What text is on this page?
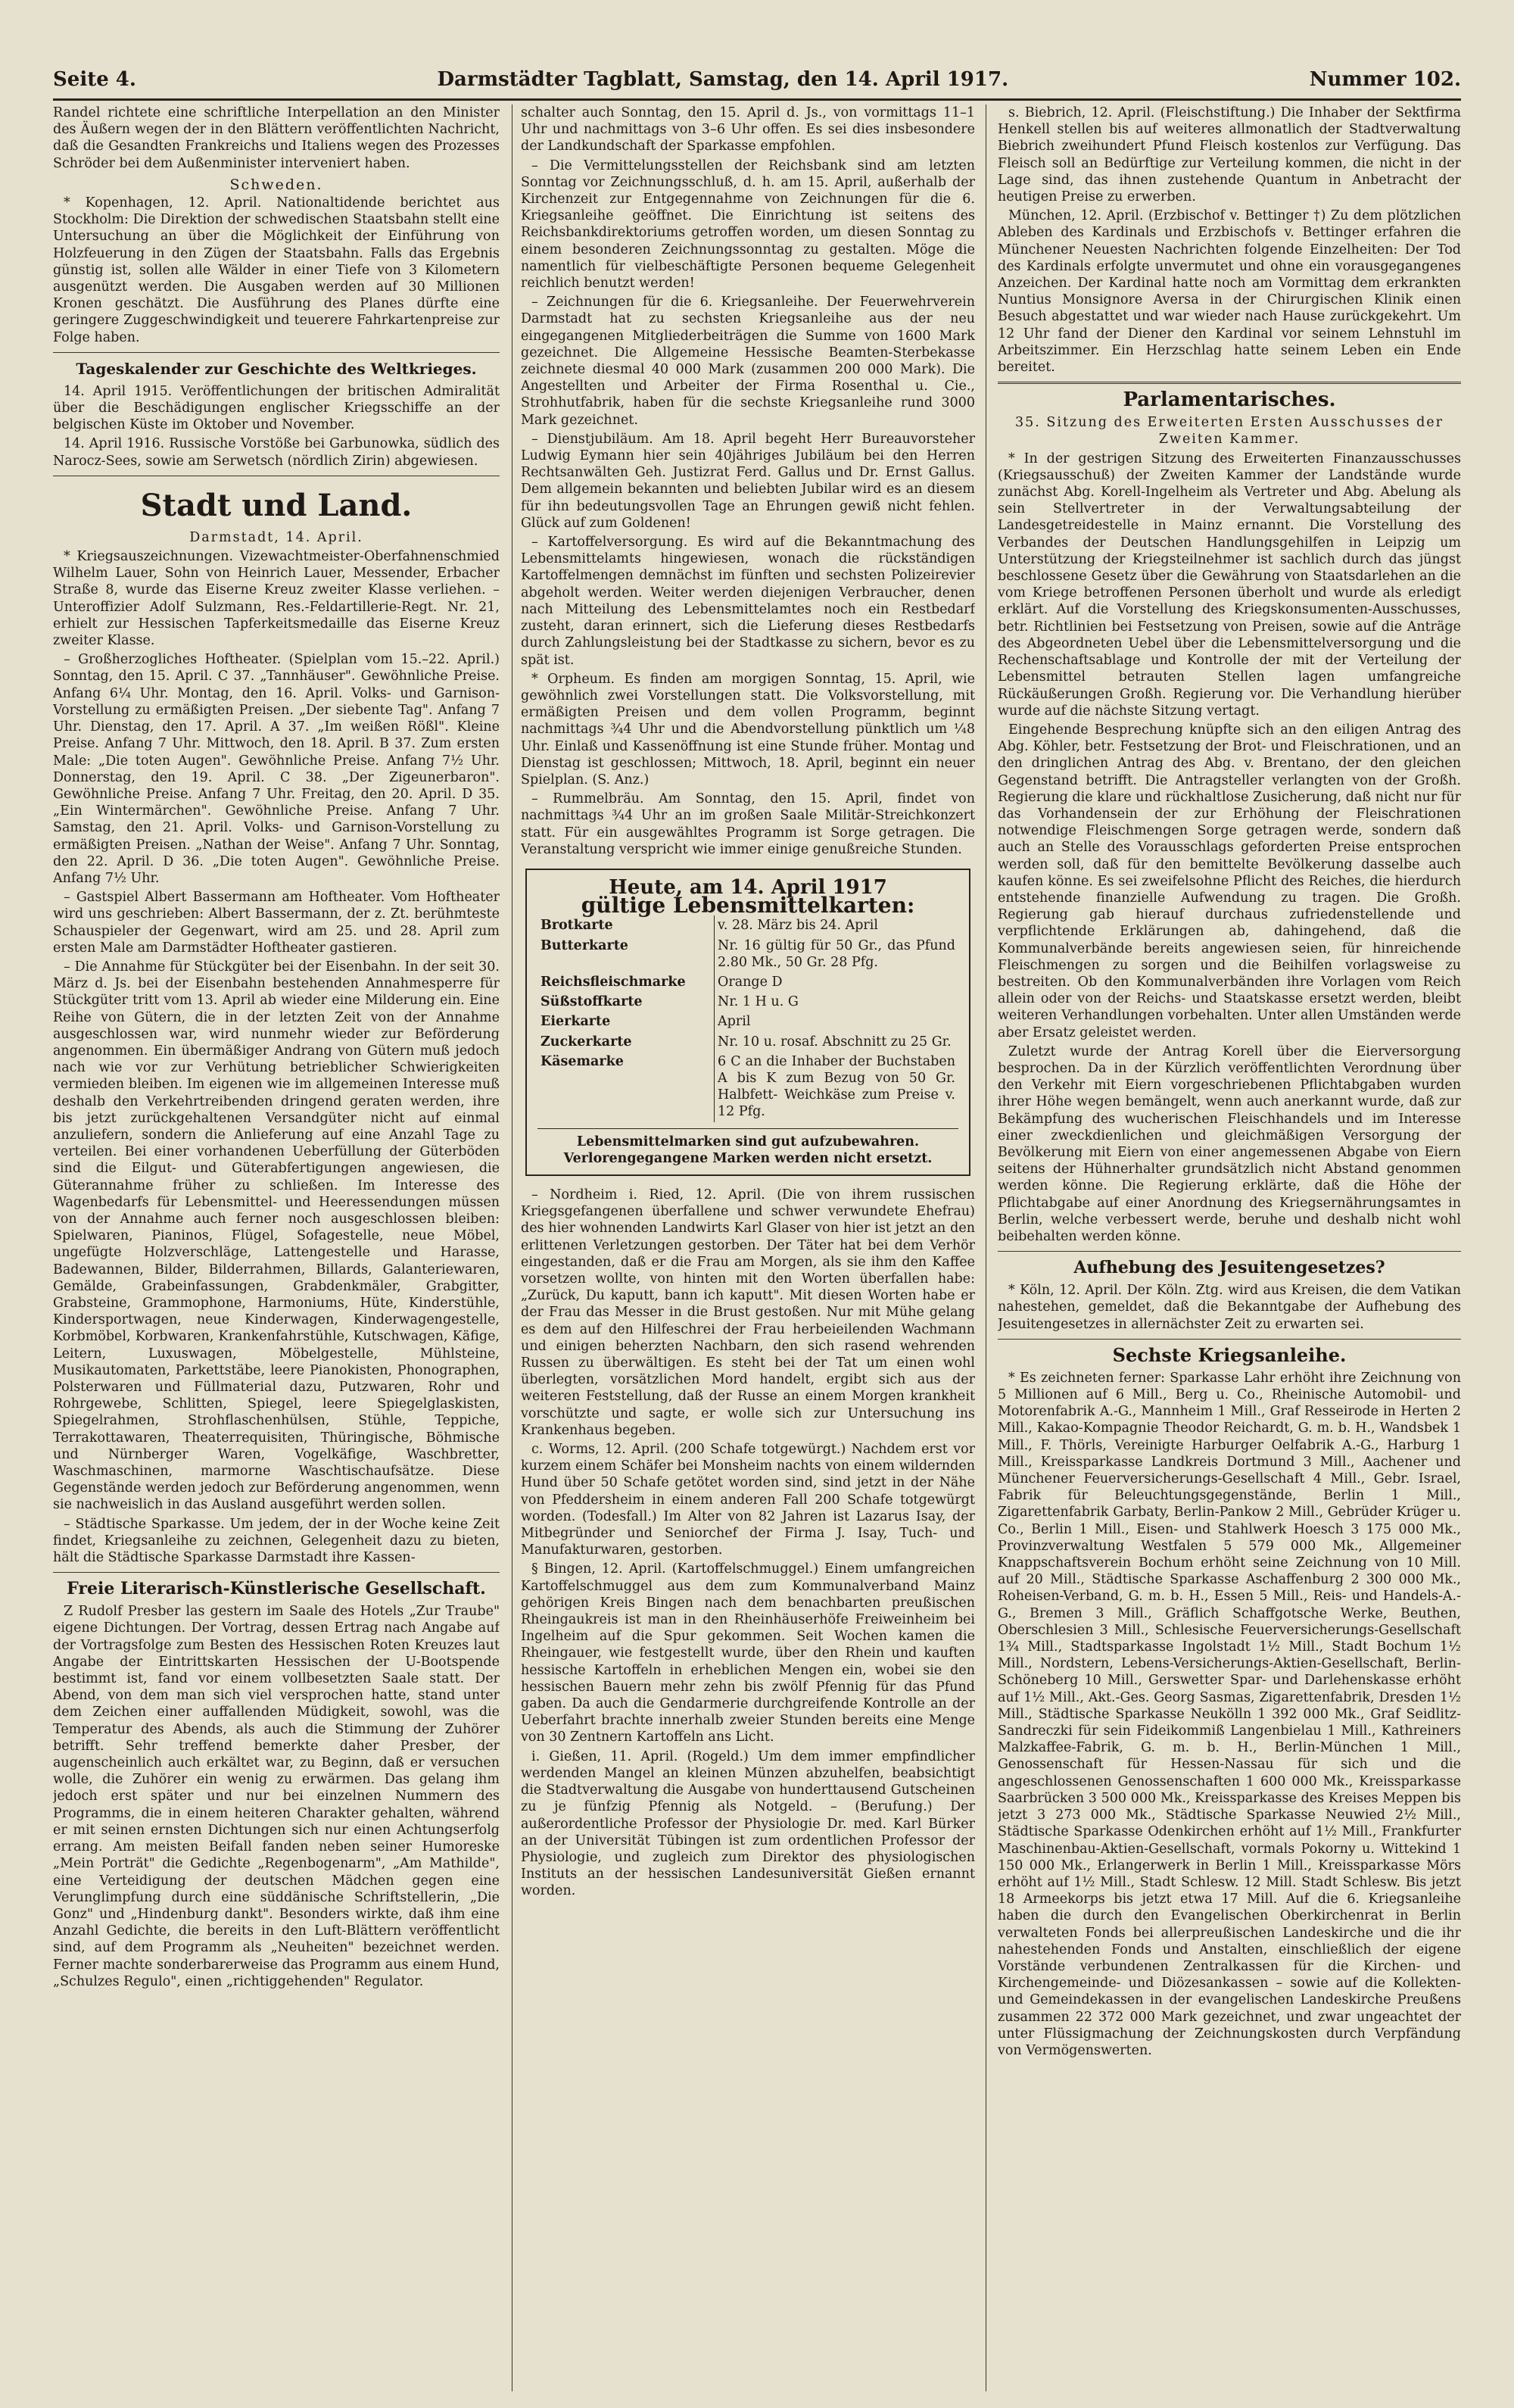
Seite 4.	Darmstädter Tagblatt, Samstag, den 14. April 1917.	Nummer 102.

Randel richtete eine schriftliche Interpellation an den Minister des Äußern wegen der in den Blättern veröffentlichten Nachricht, daß die Gesandten Frankreichs und Italiens wegen des Prozesses Schröder bei dem Außenminister interveniert haben.

Schweden.

* Kopenhagen, 12. April. Nationaltidende berichtet aus Stockholm: Die Direktion der schwedischen Staatsbahn stellt eine Untersuchung an über die Möglichkeit der Einführung von Holzfeuerung in den Zügen der Staatsbahn. Falls das Ergebnis günstig ist, sollen alle Wälder in einer Tiefe von 3 Kilometern ausgenützt werden. Die Ausgaben werden auf 30 Millionen Kronen geschätzt. Die Ausführung des Planes dürfte eine geringere Zuggeschwindigkeit und teuerere Fahrkartenpreise zur Folge haben.

Tageskalender zur Geschichte des Weltkrieges.

14. April 1915. Veröffentlichungen der britischen Admiralität über die Beschädigungen englischer Kriegsschiffe an der belgischen Küste im Oktober und November.

14. April 1916. Russische Vorstöße bei Garbunowka, südlich des Narocz-Sees, sowie am Serwetsch (nördlich Zirin) abgewiesen.

Stadt und Land.

Darmstadt, 14. April.

* Kriegsauszeichnungen. Vizewachtmeister-Oberfahnenschmied Wilhelm Lauer, Sohn von Heinrich Lauer, Messender, Erbacher Straße 8, wurde das Eiserne Kreuz zweiter Klasse verliehen. – Unteroffizier Adolf Sulzmann, Res.-Feldartillerie-Regt. Nr. 21, erhielt zur Hessischen Tapferkeitsmedaille das Eiserne Kreuz zweiter Klasse.

– Großherzogliches Hoftheater. (Spielplan vom 15.–22. April.) Sonntag, den 15. April. C 37. „Tannhäuser". Gewöhnliche Preise. Anfang 6¼ Uhr. Montag, den 16. April. Volks- und Garnison-Vorstellung zu ermäßigten Preisen. „Der siebente Tag". Anfang 7 Uhr. Dienstag, den 17. April. A 37. „Im weißen Rößl". Kleine Preise. Anfang 7 Uhr. Mittwoch, den 18. April. B 37. Zum ersten Male: „Die toten Augen". Gewöhnliche Preise. Anfang 7½ Uhr. Donnerstag, den 19. April. C 38. „Der Zigeunerbaron". Gewöhnliche Preise. Anfang 7 Uhr. Freitag, den 20. April. D 35. „Ein Wintermärchen". Gewöhnliche Preise. Anfang 7 Uhr. Samstag, den 21. April. Volks- und Garnison-Vorstellung zu ermäßigten Preisen. „Nathan der Weise". Anfang 7 Uhr. Sonntag, den 22. April. D 36. „Die toten Augen". Gewöhnliche Preise. Anfang 7½ Uhr.

– Gastspiel Albert Bassermann am Hoftheater. Vom Hoftheater wird uns geschrieben: Albert Bassermann, der z. Zt. berühmteste Schauspieler der Gegenwart, wird am 25. und 28. April zum ersten Male am Darmstädter Hoftheater gastieren.

– Die Annahme für Stückgüter bei der Eisenbahn. In der seit 30. März d. Js. bei der Eisenbahn bestehenden Annahmesperre für Stückgüter tritt vom 13. April ab wieder eine Milderung ein. Eine Reihe von Gütern, die in der letzten Zeit von der Annahme ausgeschlossen war, wird nunmehr wieder zur Beförderung angenommen. Ein übermäßiger Andrang von Gütern muß jedoch nach wie vor zur Verhütung betrieblicher Schwierigkeiten vermieden bleiben. Im eigenen wie im allgemeinen Interesse muß deshalb den Verkehrtreibenden dringend geraten werden, ihre bis jetzt zurückgehaltenen Versandgüter nicht auf einmal anzuliefern, sondern die Anlieferung auf eine Anzahl Tage zu verteilen. Bei einer vorhandenen Ueberfüllung der Güterböden sind die Eilgut- und Güterabfertigungen angewiesen, die Güterannahme früher zu schließen. Im Interesse des Wagenbedarfs für Lebensmittel- und Heeressendungen müssen von der Annahme auch ferner noch ausgeschlossen bleiben: Spielwaren, Pianinos, Flügel, Sofagestelle, neue Möbel, ungefügte Holzverschläge, Lattengestelle und Harasse, Badewannen, Bilder, Bilderrahmen, Billards, Galanteriewaren, Gemälde, Grabeinfassungen, Grabdenkmäler, Grabgitter, Grabsteine, Grammophone, Harmoniums, Hüte, Kinderstühle, Kindersportwagen, neue Kinderwagen, Kinderwagengestelle, Korbmöbel, Korbwaren, Krankenfahrstühle, Kutschwagen, Käfige, Leitern, Luxuswagen, Möbelgestelle, Mühlsteine, Musikautomaten, Parkettstäbe, leere Pianokisten, Phonographen, Polsterwaren und Füllmaterial dazu, Putzwaren, Rohr und Rohrgewebe, Schlitten, Spiegel, leere Spiegelglaskisten, Spiegelrahmen, Strohflaschenhülsen, Stühle, Teppiche, Terrakottawaren, Theaterrequisiten, Thüringische, Böhmische und Nürnberger Waren, Vogelkäfige, Waschbretter, Waschmaschinen, marmorne Waschtischaufsätze. Diese Gegenstände werden jedoch zur Beförderung angenommen, wenn sie nachweislich in das Ausland ausgeführt werden sollen.

– Städtische Sparkasse. Um jedem, der in der Woche keine Zeit findet, Kriegsanleihe zu zeichnen, Gelegenheit dazu zu bieten, hält die Städtische Sparkasse Darmstadt ihre Kassen-

Freie Literarisch-Künstlerische Gesellschaft.

Z Rudolf Presber las gestern im Saale des Hotels „Zur Traube" eigene Dichtungen. Der Vortrag, dessen Ertrag nach Angabe auf der Vortragsfolge zum Besten des Hessischen Roten Kreuzes laut Angabe der Eintrittskarten Hessischen der U-Bootspende bestimmt ist, fand vor einem vollbesetzten Saale statt. Der Abend, von dem man sich viel versprochen hatte, stand unter dem Zeichen einer auffallenden Müdigkeit, sowohl, was die Temperatur des Abends, als auch die Stimmung der Zuhörer betrifft. Sehr treffend bemerkte daher Presber, der augenscheinlich auch erkältet war, zu Beginn, daß er versuchen wolle, die Zuhörer ein wenig zu erwärmen. Das gelang ihm jedoch erst später und nur bei einzelnen Nummern des Programms, die in einem heiteren Charakter gehalten, während er mit seinen ernsten Dichtungen sich nur einen Achtungserfolg errang. Am meisten Beifall fanden neben seiner Humoreske „Mein Porträt" die Gedichte „Regenbogenarm", „Am Mathilde", eine Verteidigung der deutschen Mädchen gegen eine Verunglimpfung durch eine süddänische Schriftstellerin, „Die Gonz" und „Hindenburg dankt". Besonders wirkte, daß ihm eine Anzahl Gedichte, die bereits in den Luft-Blättern veröffentlicht sind, auf dem Programm als „Neuheiten" bezeichnet werden. Ferner machte sonderbarerweise das Programm aus einem Hund, „Schulzes Regulo", einen „richtiggehenden" Regulator.

schalter auch Sonntag, den 15. April d. Js., von vormittags 11–1 Uhr und nachmittags von 3–6 Uhr offen. Es sei dies insbesondere der Landkundschaft der Sparkasse empfohlen.

– Die Vermittelungsstellen der Reichsbank sind am letzten Sonntag vor Zeichnungsschluß, d. h. am 15. April, außerhalb der Kirchenzeit zur Entgegennahme von Zeichnungen für die 6. Kriegsanleihe geöffnet. Die Einrichtung ist seitens des Reichsbankdirektoriums getroffen worden, um diesen Sonntag zu einem besonderen Zeichnungssonntag zu gestalten. Möge die namentlich für vielbeschäftigte Personen bequeme Gelegenheit reichlich benutzt werden!

– Zeichnungen für die 6. Kriegsanleihe. Der Feuerwehrverein Darmstadt hat zu sechsten Kriegsanleihe aus der neu eingegangenen Mitgliederbeiträgen die Summe von 1600 Mark gezeichnet. Die Allgemeine Hessische Beamten-Sterbekasse zeichnete diesmal 40 000 Mark (zusammen 200 000 Mark). Die Angestellten und Arbeiter der Firma Rosenthal u. Cie., Strohhutfabrik, haben für die sechste Kriegsanleihe rund 3000 Mark gezeichnet.

– Dienstjubiläum. Am 18. April begeht Herr Bureauvorsteher Ludwig Eymann hier sein 40jähriges Jubiläum bei den Herren Rechtsanwälten Geh. Justizrat Ferd. Gallus und Dr. Ernst Gallus. Dem allgemein bekannten und beliebten Jubilar wird es an diesem für ihn bedeutungsvollen Tage an Ehrungen gewiß nicht fehlen. Glück auf zum Goldenen!

– Kartoffelversorgung. Es wird auf die Bekanntmachung des Lebensmittelamts hingewiesen, wonach die rückständigen Kartoffelmengen demnächst im fünften und sechsten Polizeirevier abgeholt werden. Weiter werden diejenigen Verbraucher, denen nach Mitteilung des Lebensmittelamtes noch ein Restbedarf zusteht, daran erinnert, sich die Lieferung dieses Restbedarfs durch Zahlungsleistung bei der Stadtkasse zu sichern, bevor es zu spät ist.

* Orpheum. Es finden am morgigen Sonntag, 15. April, wie gewöhnlich zwei Vorstellungen statt. Die Volksvorstellung, mit ermäßigten Preisen und dem vollen Programm, beginnt nachmittags ¾4 Uhr und die Abendvorstellung pünktlich um ¼8 Uhr. Einlaß und Kassenöffnung ist eine Stunde früher. Montag und Dienstag ist geschlossen; Mittwoch, 18. April, beginnt ein neuer Spielplan. (S. Anz.)

– Rummelbräu. Am Sonntag, den 15. April, findet von nachmittags ¾4 Uhr an im großen Saale Militär-Streichkonzert statt. Für ein ausgewähltes Programm ist Sorge getragen. Die Veranstaltung verspricht wie immer einige genußreiche Stunden.

Heute, am 14. April 1917
gültige Lebensmittelkarten:
Brotkarte	v. 28. März bis 24. April
Butterkarte	Nr. 16 gültig für 50 Gr., das Pfund 2.80 Mk., 50 Gr. 28 Pfg.
Reichsfleischmarke	Orange D
Süßstoffkarte	Nr. 1 H u. G
Eierkarte	April
Zuckerkarte	Nr. 10 u. rosaf. Abschnitt zu 25 Gr.
Käsemarke	6 C an die Inhaber der Buchstaben A bis K zum Bezug von 50 Gr. Halbfett- Weichkäse zum Preise v. 12 Pfg.
Lebensmittelmarken sind gut aufzubewahren.
Verlorengegangene Marken werden nicht ersetzt.

– Nordheim i. Ried, 12. April. (Die von ihrem russischen Kriegsgefangenen überfallene und schwer verwundete Ehefrau) des hier wohnenden Landwirts Karl Glaser von hier ist jetzt an den erlittenen Verletzungen gestorben. Der Täter hat bei dem Verhör eingestanden, daß er die Frau am Morgen, als sie ihm den Kaffee vorsetzen wollte, von hinten mit den Worten überfallen habe: „Zurück, Du kaputt, bann ich kaputt". Mit diesen Worten habe er der Frau das Messer in die Brust gestoßen. Nur mit Mühe gelang es dem auf den Hilfeschrei der Frau herbeieilenden Wachmann und einigen beherzten Nachbarn, den sich rasend wehrenden Russen zu überwältigen. Es steht bei der Tat um einen wohl überlegten, vorsätzlichen Mord handelt, ergibt sich aus der weiteren Feststellung, daß der Russe an einem Morgen krankheit vorschützte und sagte, er wolle sich zur Untersuchung ins Krankenhaus begeben.

c. Worms, 12. April. (200 Schafe totgewürgt.) Nachdem erst vor kurzem einem Schäfer bei Monsheim nachts von einem wildernden Hund über 50 Schafe getötet worden sind, sind jetzt in der Nähe von Pfeddersheim in einem anderen Fall 200 Schafe totgewürgt worden. (Todesfall.) Im Alter von 82 Jahren ist Lazarus Isay, der Mitbegründer und Seniorchef der Firma J. Isay, Tuch- und Manufakturwaren, gestorben.

§ Bingen, 12. April. (Kartoffelschmuggel.) Einem umfangreichen Kartoffelschmuggel aus dem zum Kommunalverband Mainz gehörigen Kreis Bingen nach dem benachbarten preußischen Rheingaukreis ist man in den Rheinhäuserhöfe Freiweinheim bei Ingelheim auf die Spur gekommen. Seit Wochen kamen die Rheingauer, wie festgestellt wurde, über den Rhein und kauften hessische Kartoffeln in erheblichen Mengen ein, wobei sie den hessischen Bauern mehr zehn bis zwölf Pfennig für das Pfund gaben. Da auch die Gendarmerie durchgreifende Kontrolle an der Ueberfahrt brachte innerhalb zweier Stunden bereits eine Menge von 30 Zentnern Kartoffeln ans Licht.

i. Gießen, 11. April. (Rogeld.) Um dem immer empfindlicher werdenden Mangel an kleinen Münzen abzuhelfen, beabsichtigt die Stadtverwaltung die Ausgabe von hunderttausend Gutscheinen zu je fünfzig Pfennig als Notgeld. – (Berufung.) Der außerordentliche Professor der Physiologie Dr. med. Karl Bürker an der Universität Tübingen ist zum ordentlichen Professor der Physiologie, und zugleich zum Direktor des physiologischen Instituts an der hessischen Landesuniversität Gießen ernannt worden.

s. Biebrich, 12. April. (Fleischstiftung.) Die Inhaber der Sektfirma Henkell stellen bis auf weiteres allmonatlich der Stadtverwaltung Biebrich zweihundert Pfund Fleisch kostenlos zur Verfügung. Das Fleisch soll an Bedürftige zur Verteilung kommen, die nicht in der Lage sind, das ihnen zustehende Quantum in Anbetracht der heutigen Preise zu erwerben.

München, 12. April. (Erzbischof v. Bettinger †) Zu dem plötzlichen Ableben des Kardinals und Erzbischofs v. Bettinger erfahren die Münchener Neuesten Nachrichten folgende Einzelheiten: Der Tod des Kardinals erfolgte unvermutet und ohne ein vorausgegangenes Anzeichen. Der Kardinal hatte noch am Vormittag dem erkrankten Nuntius Monsignore Aversa in der Chirurgischen Klinik einen Besuch abgestattet und war wieder nach Hause zurückgekehrt. Um 12 Uhr fand der Diener den Kardinal vor seinem Lehnstuhl im Arbeitszimmer. Ein Herzschlag hatte seinem Leben ein Ende bereitet.

Parlamentarisches.

35. Sitzung des Erweiterten Ersten Ausschusses der Zweiten Kammer.

* In der gestrigen Sitzung des Erweiterten Finanzausschusses (Kriegsausschuß) der Zweiten Kammer der Landstände wurde zunächst Abg. Korell-Ingelheim als Vertreter und Abg. Abelung als sein Stellvertreter in der Verwaltungsabteilung der Landesgetreidestelle in Mainz ernannt. Die Vorstellung des Verbandes der Deutschen Handlungsgehilfen in Leipzig um Unterstützung der Kriegsteilnehmer ist sachlich durch das jüngst beschlossene Gesetz über die Gewährung von Staatsdarlehen an die vom Kriege betroffenen Personen überholt und wurde als erledigt erklärt. Auf die Vorstellung des Kriegskonsumenten-Ausschusses, betr. Richtlinien bei Festsetzung von Preisen, sowie auf die Anträge des Abgeordneten Uebel über die Lebensmittelversorgung und die Rechenschaftsablage und Kontrolle der mit der Verteilung der Lebensmittel betrauten Stellen lagen umfangreiche Rückäußerungen Großh. Regierung vor. Die Verhandlung hierüber wurde auf die nächste Sitzung vertagt.

Eingehende Besprechung knüpfte sich an den eiligen Antrag des Abg. Köhler, betr. Festsetzung der Brot- und Fleischrationen, und an den dringlichen Antrag des Abg. v. Brentano, der den gleichen Gegenstand betrifft. Die Antragsteller verlangten von der Großh. Regierung die klare und rückhaltlose Zusicherung, daß nicht nur für das Vorhandensein der zur Erhöhung der Fleischrationen notwendige Fleischmengen Sorge getragen werde, sondern daß auch an Stelle des Vorausschlags geforderten Preise entsprochen werden soll, daß für den bemittelte Bevölkerung dasselbe auch kaufen könne. Es sei zweifelsohne Pflicht des Reiches, die hierdurch entstehende finanzielle Aufwendung zu tragen. Die Großh. Regierung gab hierauf durchaus zufriedenstellende und verpflichtende Erklärungen ab, dahingehend, daß die Kommunalverbände bereits angewiesen seien, für hinreichende Fleischmengen zu sorgen und die Beihilfen vorlagsweise zu bestreiten. Ob den Kommunalverbänden ihre Vorlagen vom Reich allein oder von der Reichs- und Staatskasse ersetzt werden, bleibt weiteren Verhandlungen vorbehalten. Unter allen Umständen werde aber Ersatz geleistet werden.

Zuletzt wurde der Antrag Korell über die Eierversorgung besprochen. Da in der Kürzlich veröffentlichten Verordnung über den Verkehr mit Eiern vorgeschriebenen Pflichtabgaben wurden ihrer Höhe wegen bemängelt, wenn auch anerkannt wurde, daß zur Bekämpfung des wucherischen Fleischhandels und im Interesse einer zweckdienlichen und gleichmäßigen Versorgung der Bevölkerung mit Eiern von einer angemessenen Abgabe von Eiern seitens der Hühnerhalter grundsätzlich nicht Abstand genommen werden könne. Die Regierung erklärte, daß die Höhe der Pflichtabgabe auf einer Anordnung des Kriegsernährungsamtes in Berlin, welche verbessert werde, beruhe und deshalb nicht wohl beibehalten werden könne.

Aufhebung des Jesuitengesetzes?

* Köln, 12. April. Der Köln. Ztg. wird aus Kreisen, die dem Vatikan nahestehen, gemeldet, daß die Bekanntgabe der Aufhebung des Jesuitengesetzes in allernächster Zeit zu erwarten sei.

Sechste Kriegsanleihe.

* Es zeichneten ferner: Sparkasse Lahr erhöht ihre Zeichnung von 5 Millionen auf 6 Mill., Berg u. Co., Rheinische Automobil- und Motorenfabrik A.-G., Mannheim 1 Mill., Graf Resseirode in Herten 2 Mill., Kakao-Kompagnie Theodor Reichardt, G. m. b. H., Wandsbek 1 Mill., F. Thörls, Vereinigte Harburger Oelfabrik A.-G., Harburg 1 Mill., Kreissparkasse Landkreis Dortmund 3 Mill., Aachener und Münchener Feuerversicherungs-Gesellschaft 4 Mill., Gebr. Israel, Fabrik für Beleuchtungsgegenstände, Berlin 1 Mill., Zigarettenfabrik Garbaty, Berlin-Pankow 2 Mill., Gebrüder Krüger u. Co., Berlin 1 Mill., Eisen- und Stahlwerk Hoesch 3 175 000 Mk., Provinzverwaltung Westfalen 5 579 000 Mk., Allgemeiner Knappschaftsverein Bochum erhöht seine Zeichnung von 10 Mill. auf 20 Mill., Städtische Sparkasse Aschaffenburg 2 300 000 Mk., Roheisen-Verband, G. m. b. H., Essen 5 Mill., Reis- und Handels-A.-G., Bremen 3 Mill., Gräflich Schaffgotsche Werke, Beuthen, Oberschlesien 3 Mill., Schlesische Feuerversicherungs-Gesellschaft 1¾ Mill., Stadtsparkasse Ingolstadt 1½ Mill., Stadt Bochum 1½ Mill., Nordstern, Lebens-Versicherungs-Aktien-Gesellschaft, Berlin-Schöneberg 10 Mill., Gerswetter Spar- und Darlehenskasse erhöht auf 1½ Mill., Akt.-Ges. Georg Sasmas, Zigarettenfabrik, Dresden 1½ Mill., Städtische Sparkasse Neukölln 1 392 000 Mk., Graf Seidlitz-Sandreczki für sein Fideikommiß Langenbielau 1 Mill., Kathreiners Malzkaffee-Fabrik, G. m. b. H., Berlin-München 1 Mill., Genossenschaft für Hessen-Nassau für sich und die angeschlossenen Genossenschaften 1 600 000 Mk., Kreissparkasse Saarbrücken 3 500 000 Mk., Kreissparkasse des Kreises Meppen bis jetzt 3 273 000 Mk., Städtische Sparkasse Neuwied 2½ Mill., Städtische Sparkasse Odenkirchen erhöht auf 1½ Mill., Frankfurter Maschinenbau-Aktien-Gesellschaft, vormals Pokorny u. Wittekind 1 150 000 Mk., Erlangerwerk in Berlin 1 Mill., Kreissparkasse Mörs erhöht auf 1½ Mill., Stadt Schlesw. 12 Mill. Stadt Schlesw. Bis jetzt 18 Armeekorps bis jetzt etwa 17 Mill. Auf die 6. Kriegsanleihe haben die durch den Evangelischen Oberkirchenrat in Berlin verwalteten Fonds bei allerpreußischen Landeskirche und die ihr nahestehenden Fonds und Anstalten, einschließlich der eigene Vorstände verbundenen Zentralkassen für die Kirchen- und Kirchengemeinde- und Diözesankassen – sowie auf die Kollekten- und Gemeindekassen in der evangelischen Landeskirche Preußens zusammen 22 372 000 Mark gezeichnet, und zwar ungeachtet der unter Flüssigmachung der Zeichnungskosten durch Verpfändung von Vermögenswerten.
